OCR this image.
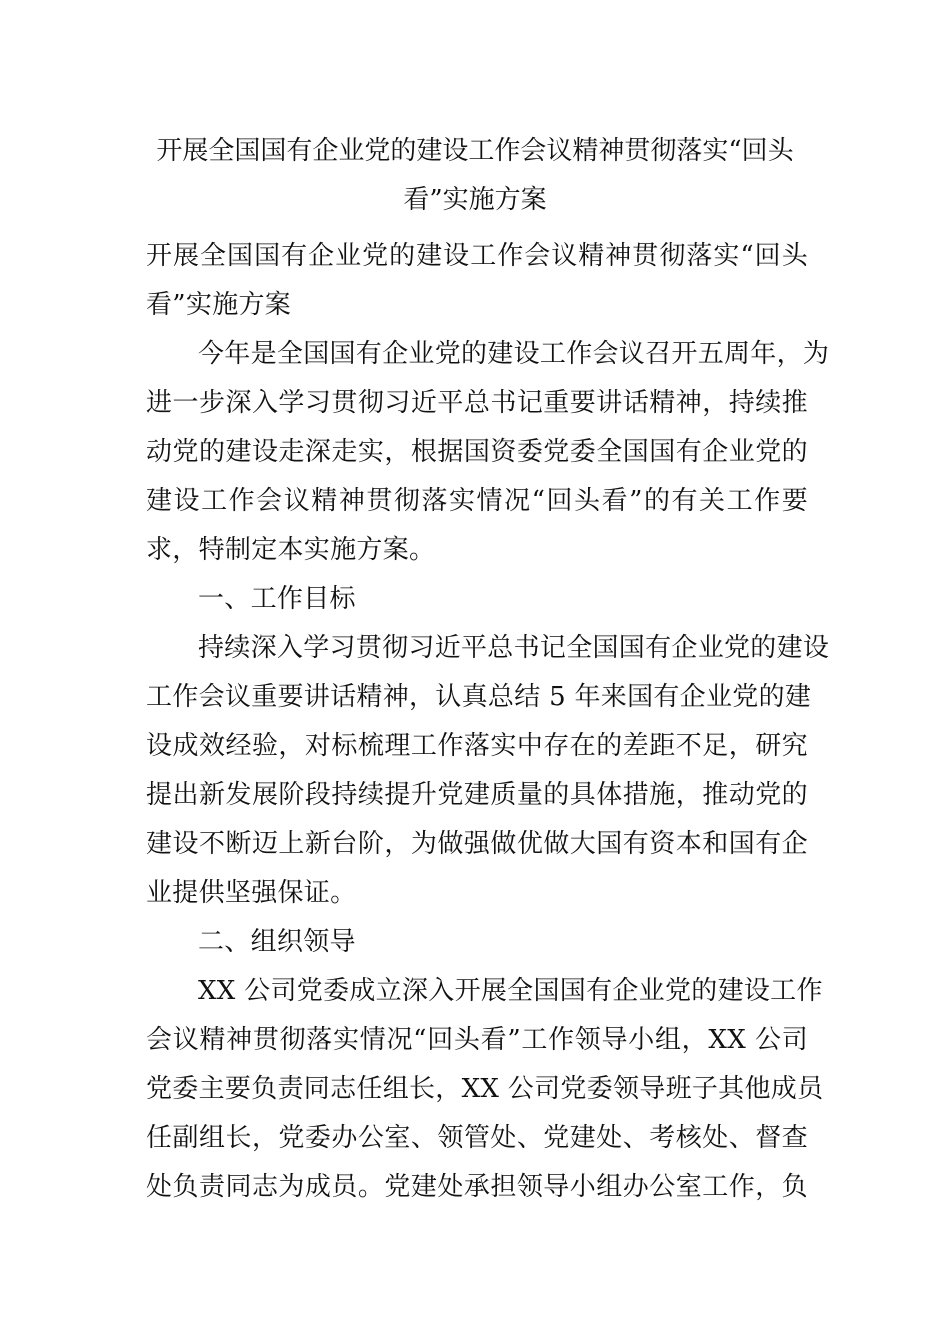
开展全国国有企业党的建设工作会议精神贯彻落实“回头
看”实施方案
开展全国国有企业党的建设工作会议精神贯彻落实“回头
看”实施方案
今年是全国国有企业党的建设工作会议召开五周年，为
进一步深入学习贯彻习近平总书记重要讲话精神，持续推
动党的建设走深走实，根据国资委党委全国国有企业党的
建设工作会议精神贯彻落实情况“回头看”的有关工作要
求，特制定本实施方案。
一、工作目标
持续深入学习贯彻习近平总书记全国国有企业党的建设
工作会议重要讲话精神，认真总结 5 年来国有企业党的建
设成效经验，对标梳理工作落实中存在的差距不足，研究
提出新发展阶段持续提升党建质量的具体措施，推动党的
建设不断迈上新台阶，为做强做优做大国有资本和国有企
业提供坚强保证。
二、组织领导
XX 公司党委成立深入开展全国国有企业党的建设工作
会议精神贯彻落实情况“回头看”工作领导小组，XX 公司
党委主要负责同志任组长，XX 公司党委领导班子其他成员
任副组长，党委办公室、领管处、党建处、考核处、督查
处负责同志为成员。党建处承担领导小组办公室工作，负
